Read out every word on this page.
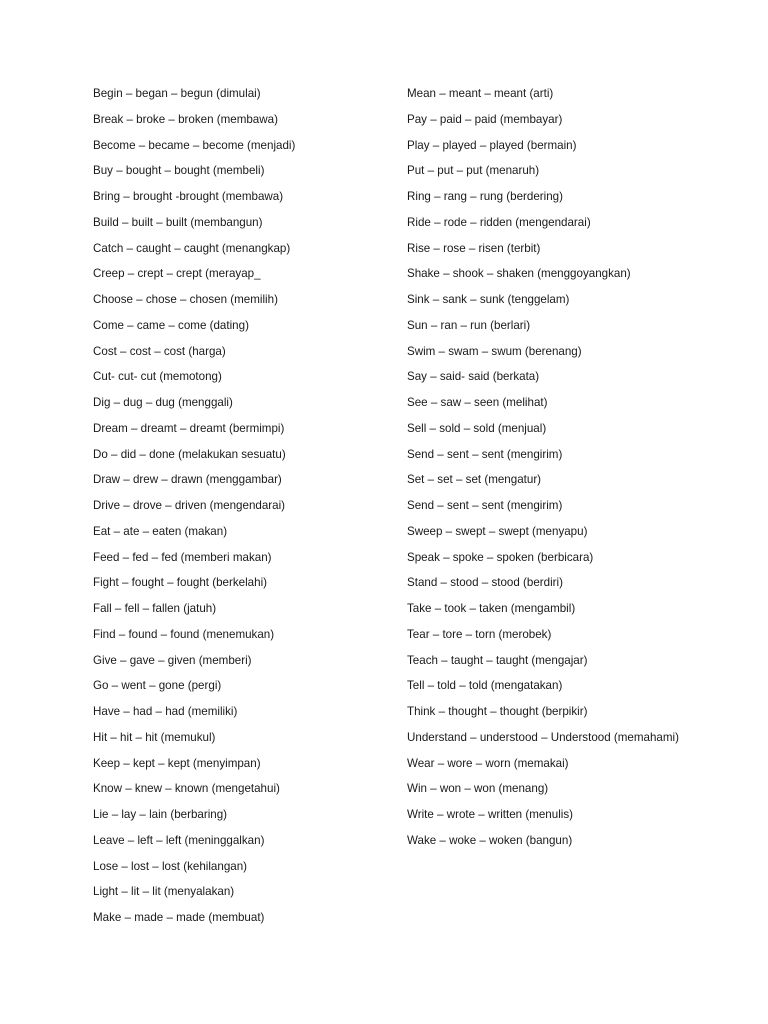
Begin – began – begun (dimulai)
Break – broke – broken (membawa)
Become – became – become (menjadi)
Buy – bought – bought (membeli)
Bring – brought -brought (membawa)
Build – built – built (membangun)
Catch – caught – caught (menangkap)
Creep – crept – crept (merayap_
Choose – chose – chosen (memilih)
Come – came – come (dating)
Cost – cost – cost (harga)
Cut- cut- cut (memotong)
Dig – dug – dug (menggali)
Dream – dreamt – dreamt (bermimpi)
Do – did – done (melakukan sesuatu)
Draw – drew – drawn (menggambar)
Drive – drove – driven (mengendarai)
Eat – ate – eaten (makan)
Feed – fed – fed (memberi makan)
Fight – fought – fought (berkelahi)
Fall – fell – fallen (jatuh)
Find – found – found (menemukan)
Give – gave – given (memberi)
Go – went – gone (pergi)
Have – had – had (memiliki)
Hit – hit – hit (memukul)
Keep – kept – kept (menyimpan)
Know – knew – known (mengetahui)
Lie – lay – lain (berbaring)
Leave – left – left (meninggalkan)
Lose – lost – lost (kehilangan)
Light – lit – lit (menyalakan)
Make – made – made (membuat)
Mean – meant – meant (arti)
Pay – paid – paid (membayar)
Play – played – played (bermain)
Put – put – put (menaruh)
Ring – rang – rung (berdering)
Ride – rode – ridden (mengendarai)
Rise – rose – risen (terbit)
Shake – shook – shaken (menggoyangkan)
Sink – sank – sunk (tenggelam)
Sun – ran – run (berlari)
Swim – swam – swum (berenang)
Say – said- said (berkata)
See – saw – seen (melihat)
Sell – sold – sold (menjual)
Send – sent – sent (mengirim)
Set – set – set (mengatur)
Send – sent – sent (mengirim)
Sweep – swept – swept (menyapu)
Speak – spoke – spoken (berbicara)
Stand – stood – stood (berdiri)
Take – took – taken (mengambil)
Tear – tore – torn (merobek)
Teach – taught – taught (mengajar)
Tell – told – told (mengatakan)
Think – thought – thought (berpikir)
Understand – understood – Understood (memahami)
Wear – wore – worn (memakai)
Win – won – won (menang)
Write – wrote – written (menulis)
Wake – woke – woken (bangun)
